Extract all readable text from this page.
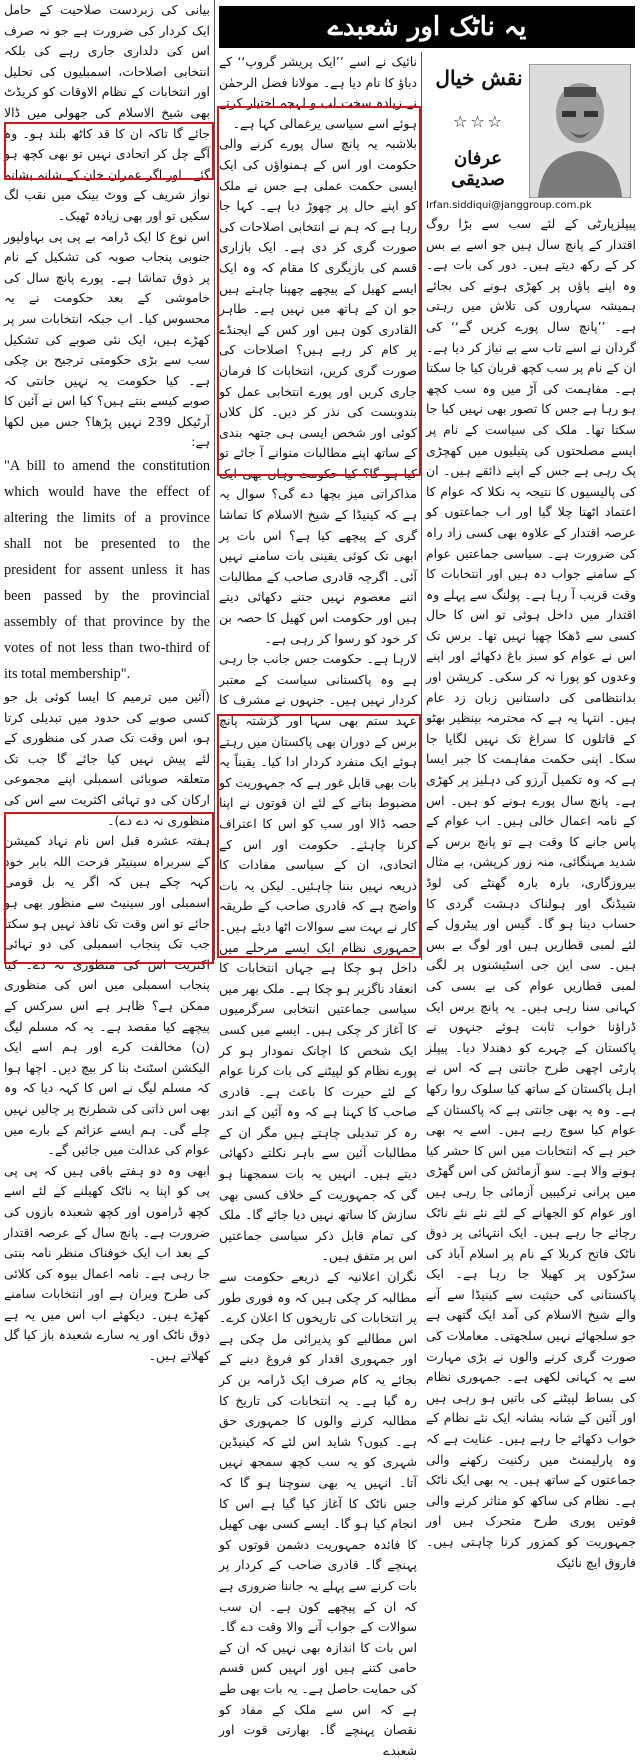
پیپلزپارٹی کے لئے سب سے بڑا روگ اقتدار کے پانچ سال ہیں جو اسے بے بس کر کے رکھ دیتے ہیں۔ دور کی بات ہے۔ وہ اپنے پاؤں پر کھڑی ہونے کی بجائے ہمیشہ سہاروں کی تلاش میں رہتی ہے۔ ’’پانچ سال پورے کریں گے‘‘ کی گردان نے اسے تاب سے بے نیاز کر دیا ہے۔ ان کے نام پر سب کچھ قربان کیا جا سکتا ہے۔ مفاہمت کی آڑ میں وہ سب کچھ ہو رہا ہے جس کا تصور بھی نہیں کیا جا سکتا تھا۔ ملک کی سیاست کے نام پر ایسے مصلحتوں کی پتیلیوں میں کھچڑی پک رہی ہے جس کے اپنے ذائقے ہیں۔ ان کی پالیسیوں کا نتیجہ یہ نکلا کہ عوام کا اعتماد اٹھتا چلا گیا اور اب جماعتوں کو عرصہ اقتدار کے علاوہ بھی کسی زاد راہ کی ضرورت ہے۔ سیاسی جماعتیں عوام کے سامنے جواب دہ ہیں اور انتخابات کا وقت قریب آ رہا ہے۔ پولنگ سے پہلے وہ اقتدار میں داخل ہوئی تو اس کا حال کسی سے ڈھکا چھپا نہیں تھا۔ برس تک اس نے عوام کو سبز باغ دکھائے اور اپنے وعدوں کو پورا نہ کر سکی۔ کرپشن اور بدانتظامی کی داستانیں زبان زد عام ہیں۔ انتہا یہ ہے کہ محترمہ بینظیر بھٹو کے قاتلوں کا سراغ تک نہیں لگایا جا سکا۔ اپنی حکمت مفاہمت کا جبر ایسا ہے کہ وہ تکمیل آرزو کی دہلیز پر کھڑی ہے۔ پانچ سال پورے ہونے کو ہیں۔ اس کے نامہ اعمال خالی ہیں۔ اب عوام کے پاس جانے کا وقت ہے تو پانچ برس کے شدید مہنگائی، منہ زور کرپشن، بے مثال بیروزگاری، بارہ بارہ گھنٹے کی لوڈ شیڈنگ اور ہولناک دہشت گردی کا حساب دینا ہو گا۔ گیس اور پیٹرول کے لئے لمبی قطاریں ہیں اور لوگ بے بس ہیں۔ سی این جی اسٹیشنوں پر لگی لمبی قطاریں عوام کی بے بسی کی کہانی سنا رہی ہیں۔ یہ پانچ برس ایک ڈراؤنا خواب ثابت ہوئے جنہوں نے پاکستان کے چہرے کو دھندلا دیا۔ پیپلز پارٹی اچھی طرح جانتی ہے کہ اس نے اہل پاکستان کے ساتھ کیا سلوک روا رکھا ہے۔ وہ یہ بھی جانتی ہے کہ پاکستان کے عوام کیا سوچ رہے ہیں۔ اسے یہ بھی خبر ہے کہ انتخابات میں اس کا حشر کیا ہونے والا ہے۔ سو آزمائش کی اس گھڑی میں پرانی ترکیبیں آزمائی جا رہی ہیں اور عوام کو الجھانے کے لئے نئے نئے ناٹک رچائے جا رہے ہیں۔ ایک انتہائی پر ذوق ناٹک فاتح کربلا کے نام پر اسلام آباد کی سڑکوں پر کھیلا جا رہا ہے۔ ایک پاکستانی کی حیثیت سے کینیڈا سے آنے والے شیخ الاسلام کی آمد ایک گتھی ہے جو سلجھائے نہیں سلجھتی۔ معاملات کی صورت گری کرنے والوں نے بڑی مہارت سے یہ کہانی لکھی ہے۔ جمہوری نظام کی بساط لپیٹنے کی باتیں ہو رہی ہیں اور آئین کے شانہ بشانہ ایک نئے نظام کے خواب دکھائے جا رہے ہیں۔ عنایت ہے کہ وہ پارلیمنٹ میں رکنیت رکھنے والی جماعتوں کے ساتھ ہیں۔ یہ بھی ایک ناٹک ہے۔ نظام کی ساکھ کو متاثر کرنے والی قوتیں پوری طرح متحرک ہیں اور جمہوریت کو کمزور کرنا چاہتی ہیں۔ فاروق ایچ نائیک

نقش خیال
☆☆☆
عرفان صدیقی
Irfan.siddiqui@janggroup.com.pk

نائیک نے اسے ’’ایک پریشر گروپ‘‘ کے دباؤ کا نام دیا ہے۔ مولانا فضل الرحمٰن نے زیادہ سخت لب و لہجہ اختیار کرتے ہوئے اسے سیاسی یرغمالی کہا ہے۔

بلاشبہ یہ پانچ سال پورے کرنے والی حکومت اور اس کے ہمنواؤں کی ایک ایسی حکمت عملی ہے جس نے ملک کو اپنے حال پر چھوڑ دیا ہے۔ کہا جا رہا ہے کہ ہم نے انتخابی اصلاحات کی صورت گری کر دی ہے۔ ایک بازاری قسم کی بازیگری کا مقام کہ وہ ایک ایسے کھیل کے پیچھے چھپنا چاہتے ہیں جو ان کے ہاتھ میں نہیں ہے۔ طاہر القادری کون ہیں اور کس کے ایجنڈے پر کام کر رہے ہیں؟ اصلاحات کی صورت گری کریں، انتخابات کا فرمان جاری کریں اور پورے انتخابی عمل کو بندوبست کی نذر کر دیں۔ کل کلاں کوئی اور شخص ایسی ہی جتھہ بندی کے ساتھ اپنے مطالبات منوانے آ جائے تو کیا ہو گا؟ کیا حکومت وہاں بھی ایک مذاکراتی میز بچھا دے گی؟ سوال یہ ہے کہ کینیڈا کے شیخ الاسلام کا تماشا گری کے پیچھے کیا ہے؟ اس بات پر ابھی تک کوئی یقینی بات سامنے نہیں آئی۔ اگرچہ قادری صاحب کے مطالبات اتنے معصوم نہیں جتنے دکھائی دیتے ہیں اور حکومت اس کھیل کا حصہ بن کر خود کو رسوا کر رہی ہے۔

لارہا ہے۔ حکومت جس جانب جا رہی ہے وہ پاکستانی سیاست کے معتبر کردار نہیں ہیں۔ جنہوں نے مشرف کا عہد ستم بھی سہا اور گزشتہ پانچ برس کے دوران بھی پاکستان میں رہتے ہوئے ایک منفرد کردار ادا کیا۔ یقیناً یہ بات بھی قابل غور ہے کہ جمہوریت کو مضبوط بنانے کے لئے ان قوتوں نے اپنا حصہ ڈالا اور سب کو اس کا اعتراف کرنا چاہئے۔ حکومت اور اس کے اتحادی، ان کے سیاسی مفادات کا ذریعہ نہیں بننا چاہئیں۔ لیکن یہ بات واضح ہے کہ قادری صاحب کے طریقہ کار نے بہت سے سوالات اٹھا دیئے ہیں۔ جمہوری نظام ایک ایسے مرحلے میں داخل ہو چکا ہے جہاں انتخابات کا انعقاد ناگزیر ہو چکا ہے۔ ملک بھر میں سیاسی جماعتیں انتخابی سرگرمیوں کا آغاز کر چکی ہیں۔ ایسے میں کسی ایک شخص کا اچانک نمودار ہو کر پورے نظام کو لپیٹنے کی بات کرنا عوام کے لئے حیرت کا باعث ہے۔ قادری صاحب کا کہنا ہے کہ وہ آئین کے اندر رہ کر تبدیلی چاہتے ہیں مگر ان کے مطالبات آئین سے باہر نکلتے دکھائی دیتے ہیں۔ انہیں یہ بات سمجھنا ہو گی کہ جمہوریت کے خلاف کسی بھی سازش کا ساتھ نہیں دیا جائے گا۔ ملک کی تمام قابل ذکر سیاسی جماعتیں اس پر متفق ہیں۔

نگران اعلانیہ کے ذریعے حکومت سے مطالبہ کر چکی ہیں کہ وہ فوری طور پر انتخابات کی تاریخوں کا اعلان کرے۔ اس مطالبے کو پذیرائی مل چکی ہے اور جمہوری اقدار کو فروغ دینے کے بجائے یہ کام صرف ایک ڈرامہ بن کر رہ گیا ہے۔ یہ انتخابات کی تاریخ کا مطالبہ کرنے والوں کا جمہوری حق ہے۔ کیوں؟ شاید اس لئے کہ کینیڈین شہری کو یہ سب کچھ سمجھ نہیں آتا۔ انہیں یہ بھی سوچنا ہو گا کہ جس ناٹک کا آغاز کیا گیا ہے اس کا انجام کیا ہو گا۔ ایسے کسی بھی کھیل کا فائدہ جمہوریت دشمن قوتوں کو پہنچے گا۔ قادری صاحب کے کردار پر بات کرنے سے پہلے یہ جاننا ضروری ہے کہ ان کے پیچھے کون ہے۔ ان سب سوالات کے جواب آنے والا وقت دے گا۔ اس بات کا اندازہ بھی نہیں کہ ان کے حامی کتنے ہیں اور انہیں کس قسم کی حمایت حاصل ہے۔ یہ بات بھی طے ہے کہ اس سے ملک کے مفاد کو نقصان پہنچے گا۔ بھارتی قوت اور شعبدے

بیانی کی زبردست صلاحیت کے حامل ایک کردار کی ضرورت ہے جو نہ صرف اس کی دلداری جاری رہے کی بلکہ انتخابی اصلاحات، اسمبلیوں کی تحلیل اور انتخابات کے نظام الاوقات کو کریڈٹ بھی شیخ الاسلام کی جھولی میں ڈالا جائے گا تاکہ ان کا قد کاٹھ بلند ہو۔ وہ آگے چل کر اتحادی نہیں تو بھی کچھ ہو گئے۔ اور اگر عمران خان کے شانہ بشانہ نواز شریف کے ووٹ بینک میں نقب لگ سکیں تو اور بھی زیادہ ٹھیک۔

اس نوع کا ایک ڈرامہ بے پی پی بہاولپور جنوبی پنجاب صوبہ کی تشکیل کے نام پر ذوق تماشا ہے۔ پورے پانچ سال کی خاموشی کے بعد حکومت نے یہ محسوس کیا۔ اب جبکہ انتخابات سر پر کھڑے ہیں، ایک نئی صوبے کی تشکیل سب سے بڑی حکومتی ترجیح بن چکی ہے۔ کیا حکومت یہ نہیں جانتی کہ صوبے کیسے بنتے ہیں؟ کیا اس نے آئین کا آرٹیکل 239 نہیں پڑھا؟ جس میں لکھا ہے:

"A bill to amend the constitution which would have the effect of altering the limits of a province shall not be presented to the president for assent unless it has been passed by the provincial assembly of that province by the votes of not less than two-third of its total membership".

(آئین میں ترمیم کا ایسا کوئی بل جو کسی صوبے کی حدود میں تبدیلی کرتا ہو، اس وقت تک صدر کی منظوری کے لئے پیش نہیں کیا جائے گا جب تک متعلقہ صوبائی اسمبلی اپنے مجموعی ارکان کی دو تہائی اکثریت سے اس کی منظوری نہ دے دے)۔

ہفتہ عشرہ قبل اس نام نہاد کمیشن کے سربراہ سینیٹر فرحت اللہ بابر خود کہہ چکے ہیں کہ اگر یہ بل قومی اسمبلی اور سینیٹ سے منظور بھی ہو جائے تو اس وقت تک نافذ نہیں ہو سکتا جب تک پنجاب اسمبلی کی دو تہائی اکثریت اس کی منظوری نہ دے۔ کیا پنجاب اسمبلی میں اس کی منظوری ممکن ہے؟ ظاہر ہے اس سرکس کے پیچھے کیا مقصد ہے۔ یہ کہ مسلم لیگ (ن) مخالفت کرے اور ہم اسے ایک الیکشن اسٹنٹ بنا کر بیچ دیں۔ اچھا ہوا کہ مسلم لیگ نے اس کا کہہ دیا کہ وہ بھی اس ذاتی کی شطرنج پر چالیں نہیں چلے گی۔ ہم ایسے عزائم کے بارے میں عوام کی عدالت میں جائیں گے۔

ابھی وہ دو ہفتے باقی ہیں کہ پی پی پی کو اپنا یہ ناٹک کھیلنے کے لئے اسے کچھ ڈراموں اور کچھ شعبدہ بازوں کی ضرورت ہے۔ پانچ سال کے عرصہ اقتدار کے بعد اب ایک خوفناک منظر نامہ بنتی جا رہی ہے۔ نامہ اعمال بیوہ کی کلائی کی طرح ویران ہے اور انتخابات سامنے کھڑے ہیں۔ دیکھئے اب اس میں یہ ہے ذوق ناٹک اور یہ سارے شعبدہ باز کیا گل کھلاتے ہیں۔

یہ ناٹک اور شعبدے
